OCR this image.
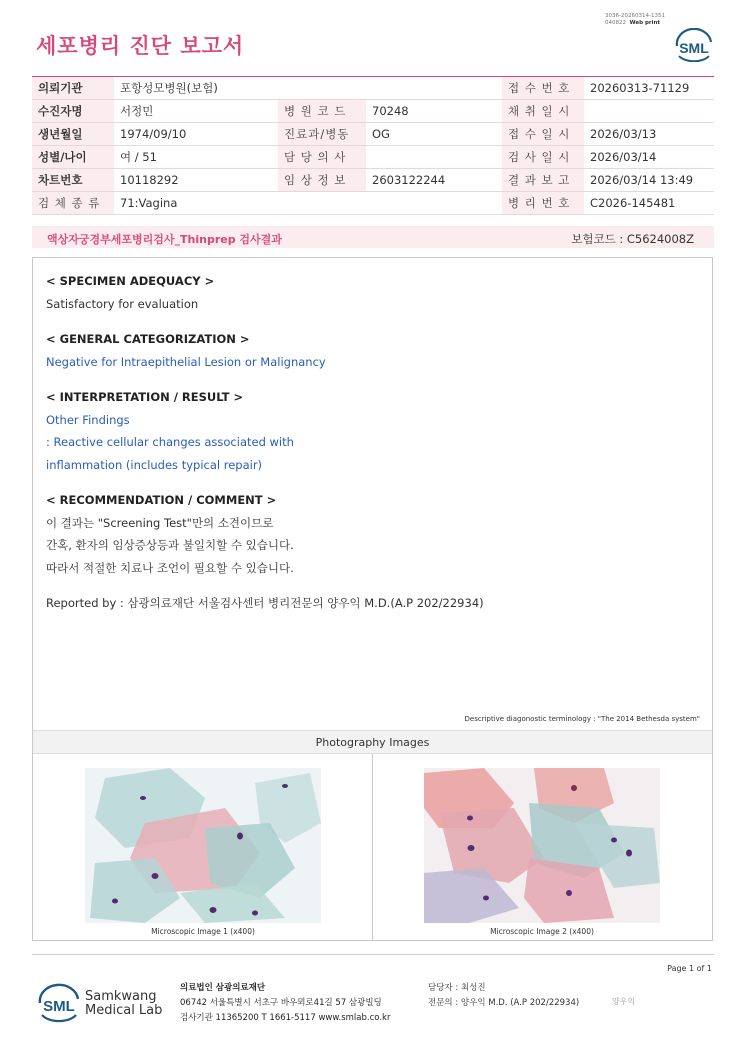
3036-20260314-1351
040822 Web print
세포병리 진단 보고서	SML
의뢰기관	포항성모병원(보험)			접 수 번 호	20260313-71129
수진자명	서정민	병 원 코 드	70248	채 취 일 시	
생년월일	1974/09/10	진료과/병동	OG	접 수 일 시	2026/03/13
성별/나이	여 / 51	담 당 의 사		검 사 일 시	2026/03/14
차트번호	10118292	임 상 정 보	2603122244	결 과 보 고	2026/03/14 13:49
검 체 종 류	71:Vagina			병 리 번 호	C2026-145481
액상자궁경부세포병리검사_Thinprep 검사결과	보험코드 : C5624008Z
< SPECIMEN ADEQUACY >
Satisfactory for evaluation
< GENERAL CATEGORIZATION >
Negative for Intraepithelial Lesion or Malignancy
< INTERPRETATION / RESULT >
Other Findings
: Reactive cellular changes associated with
inflammation (includes typical repair)
< RECOMMENDATION / COMMENT >
이 결과는 "Screening Test"만의 소견이므로
간혹, 환자의 임상증상등과 불일치할 수 있습니다.
따라서 적절한 치료나 조언이 필요할 수 있습니다.
Reported by : 삼광의료재단 서울검사센터 병리전문의 양우익 M.D.(A.P 202/22934)
Descriptive diagonostic terminology : "The 2014 Bethesda system"
Photography Images
Microscopic Image 1 (x400)	Microscopic Image 2 (x400)
Page 1 of 1
SML
Samkwang
Medical Lab
의료법인 삼광의료재단
06742 서울특별시 서초구 바우뫼로41길 57 삼광빌딩
검사기관 11365200 T 1661-5117 www.smlab.co.kr
담당자 : 최성진
전문의 : 양우익 M.D. (A.P 202/22934)	양우익
